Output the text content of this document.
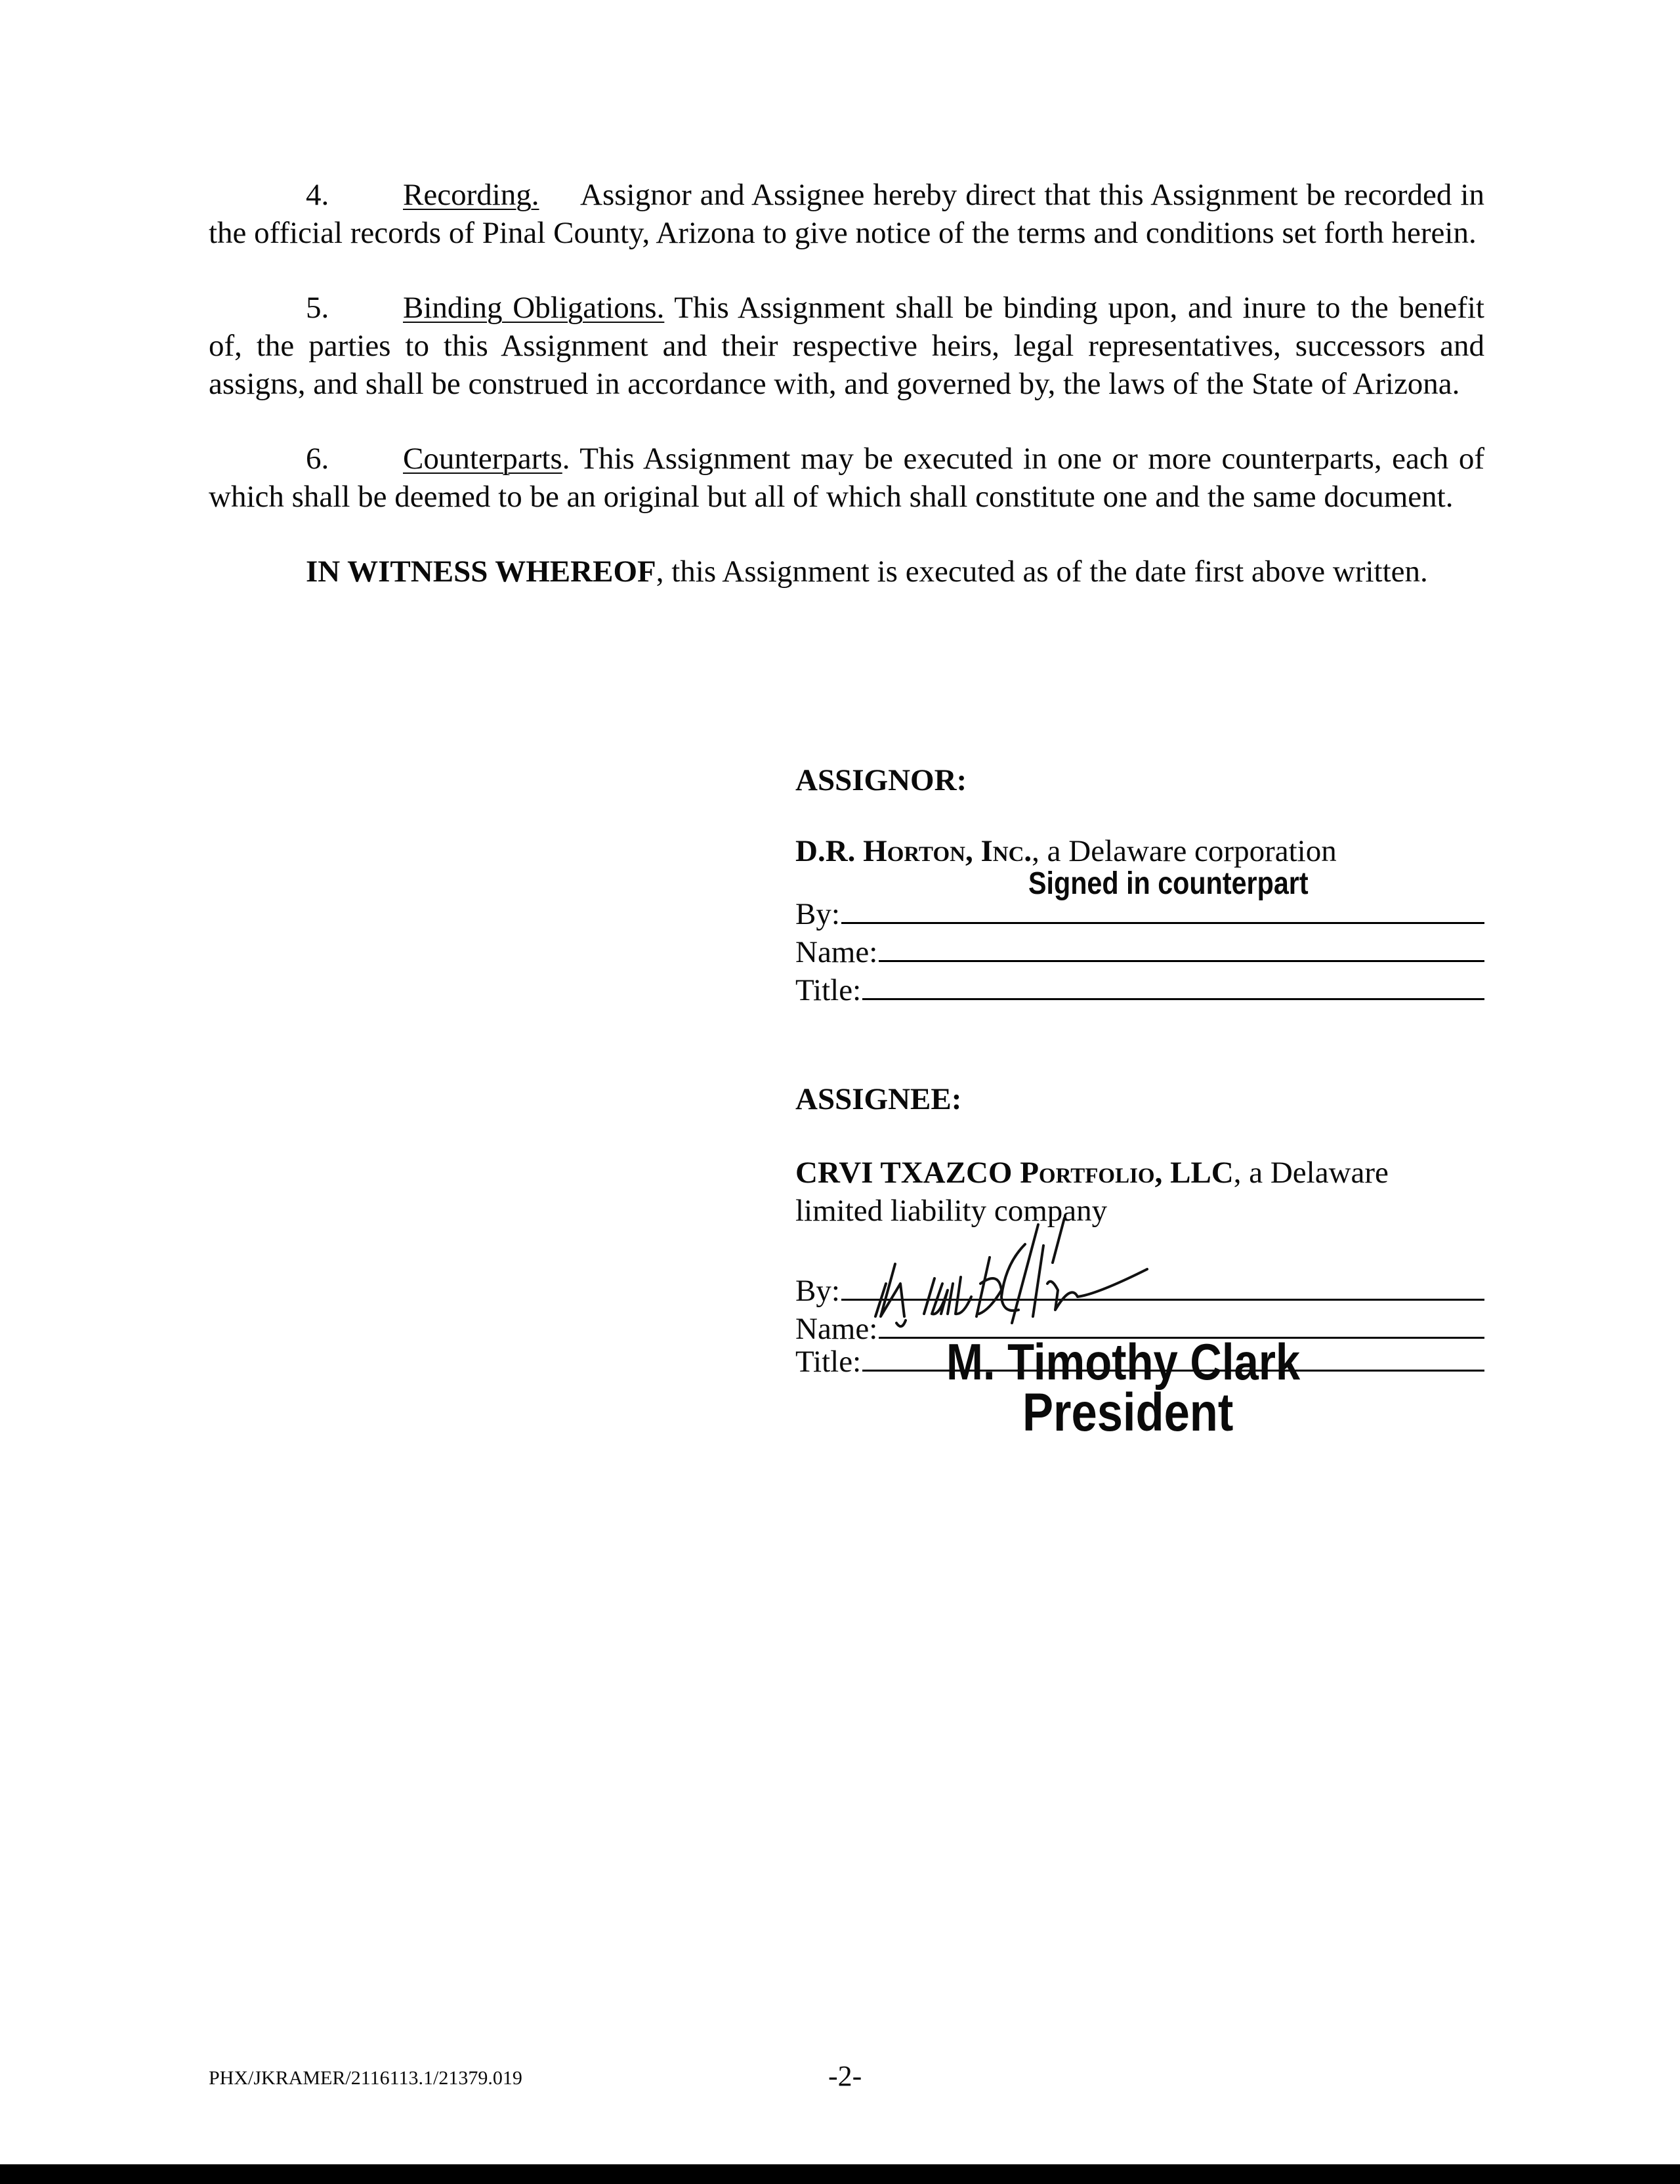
4. Recording. Assignor and Assignee hereby direct that this Assignment be recorded in the official records of Pinal County, Arizona to give notice of the terms and conditions set forth herein.

5. Binding Obligations. This Assignment shall be binding upon, and inure to the benefit of, the parties to this Assignment and their respective heirs, legal representatives, successors and assigns, and shall be construed in accordance with, and governed by, the laws of the State of Arizona.

6. Counterparts. This Assignment may be executed in one or more counterparts, each of which shall be deemed to be an original but all of which shall constitute one and the same document.

IN WITNESS WHEREOF, this Assignment is executed as of the date first above written.

ASSIGNOR:
D.R. Horton, Inc., a Delaware corporation
Signed in counterpart
By:
Name:
Title:
ASSIGNEE:
CRVI TXAZCO Portfolio, LLC , a Delaware
limited liability company
By:
Name:
Title: M. Timothy Clark
President
PHX/JKRAMER/2116113.1/21379.019	-2-
